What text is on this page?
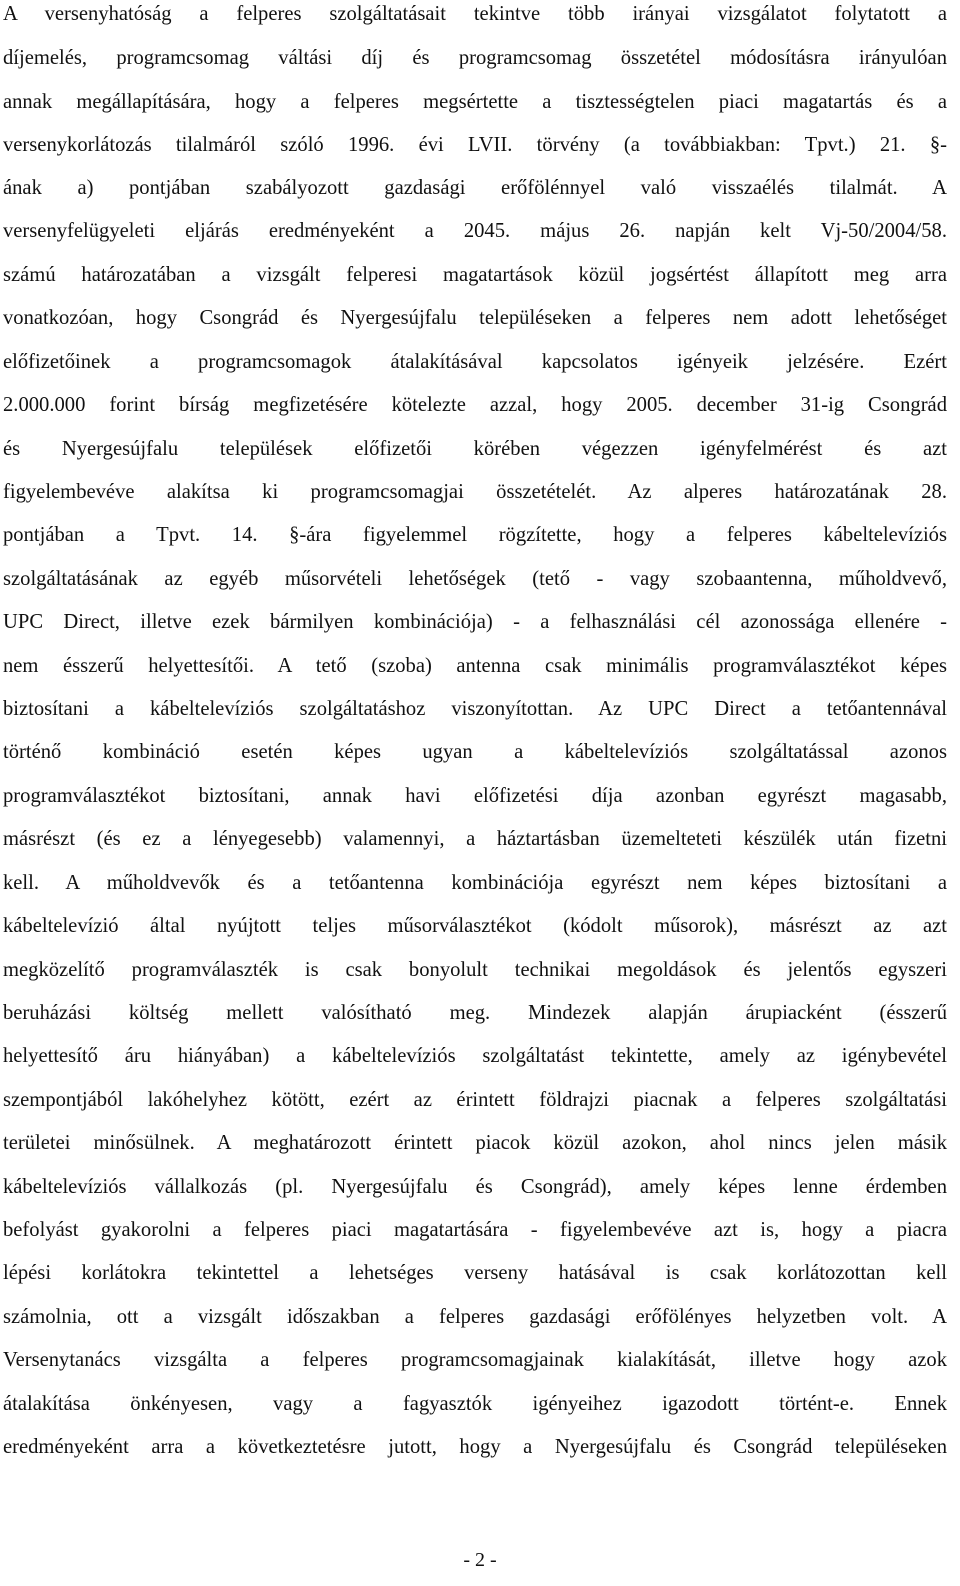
A versenyhatóság a felperes szolgáltatásait tekintve több irányai vizsgálatot folytatott a
díjemelés, programcsomag váltási díj és programcsomag összetétel módosításra irányulóan
annak megállapítására, hogy a felperes megsértette a tisztességtelen piaci magatartás és a
versenykorlátozás tilalmáról szóló 1996. évi LVII. törvény (a továbbiakban: Tpvt.) 21. §-
ának a) pontjában szabályozott gazdasági erőfölénnyel való visszaélés tilalmát. A
versenyfelügyeleti eljárás eredményeként a 2045. május 26. napján kelt Vj-50/2004/58.
számú határozatában a vizsgált felperesi magatartások közül jogsértést állapított meg arra
vonatkozóan, hogy Csongrád és Nyergesújfalu településeken a felperes nem adott lehetőséget
előfizetőinek a programcsomagok átalakításával kapcsolatos igényeik jelzésére. Ezért
2.000.000 forint bírság megfizetésére kötelezte azzal, hogy 2005. december 31-ig Csongrád
és Nyergesújfalu települések előfizetői körében végezzen igényfelmérést és azt
figyelembevéve alakítsa ki programcsomagjai összetételét. Az alperes határozatának 28.
pontjában a Tpvt. 14. §-ára figyelemmel rögzítette, hogy a felperes kábeltelevíziós
szolgáltatásának az egyéb műsorvételi lehetőségek (tető - vagy szobaantenna, műholdvevő,
UPC Direct, illetve ezek bármilyen kombinációja) - a felhasználási cél azonossága ellenére -
nem ésszerű helyettesítői. A tető (szoba) antenna csak minimális programválasztékot képes
biztosítani a kábeltelevíziós szolgáltatáshoz viszonyítottan. Az UPC Direct a tetőantennával
történő kombináció esetén képes ugyan a kábeltelevíziós szolgáltatással azonos
programválasztékot biztosítani, annak havi előfizetési díja azonban egyrészt magasabb,
másrészt (és ez a lényegesebb) valamennyi, a háztartásban üzemelteteti készülék után fizetni
kell. A műholdvevők és a tetőantenna kombinációja egyrészt nem képes biztosítani a
kábeltelevízió által nyújtott teljes műsorválasztékot (kódolt műsorok), másrészt az azt
megközelítő programválaszték is csak bonyolult technikai megoldások és jelentős egyszeri
beruházási költség mellett valósítható meg. Mindezek alapján árupiacként (ésszerű
helyettesítő áru hiányában) a kábeltelevíziós szolgáltatást tekintette, amely az igénybevétel
szempontjából lakóhelyhez kötött, ezért az érintett földrajzi piacnak a felperes szolgáltatási
területei minősülnek. A meghatározott érintett piacok közül azokon, ahol nincs jelen másik
kábeltelevíziós vállalkozás (pl. Nyergesújfalu és Csongrád), amely képes lenne érdemben
befolyást gyakorolni a felperes piaci magatartására - figyelembevéve azt is, hogy a piacra
lépési korlátokra tekintettel a lehetséges verseny hatásával is csak korlátozottan kell
számolnia, ott a vizsgált időszakban a felperes gazdasági erőfölényes helyzetben volt. A
Versenytanács vizsgálta a felperes programcsomagjainak kialakítását, illetve hogy azok
átalakítása önkényesen, vagy a fagyasztók igényeihez igazodott történt-e. Ennek
eredményeként arra a következtetésre jutott, hogy a Nyergesújfalu és Csongrád településeken
- 2 -
